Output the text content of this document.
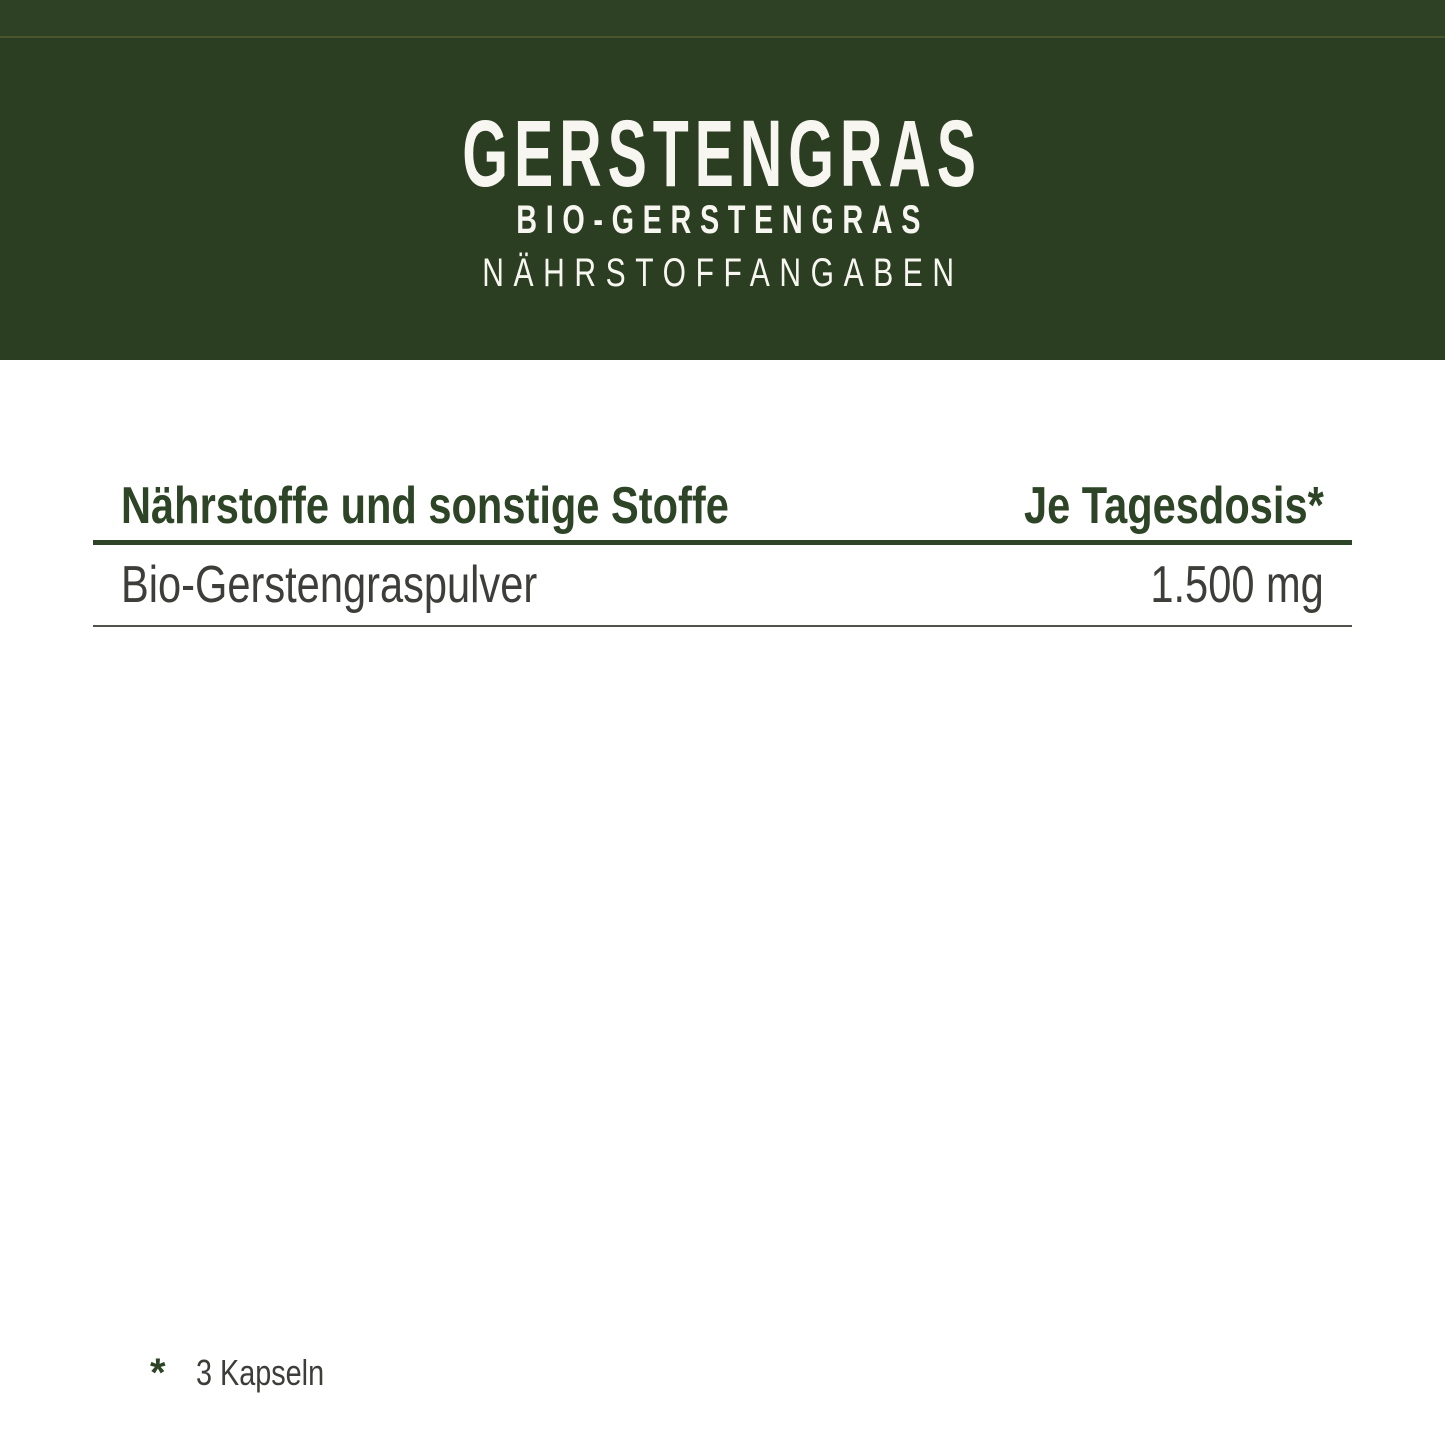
GERSTENGRAS
BIO-GERSTENGRAS
NÄHRSTOFFANGABEN
Nährstoffe und sonstige Stoffe	Je Tagesdosis*
Bio-Gerstengraspulver	1.500 mg
* 3 Kapseln
